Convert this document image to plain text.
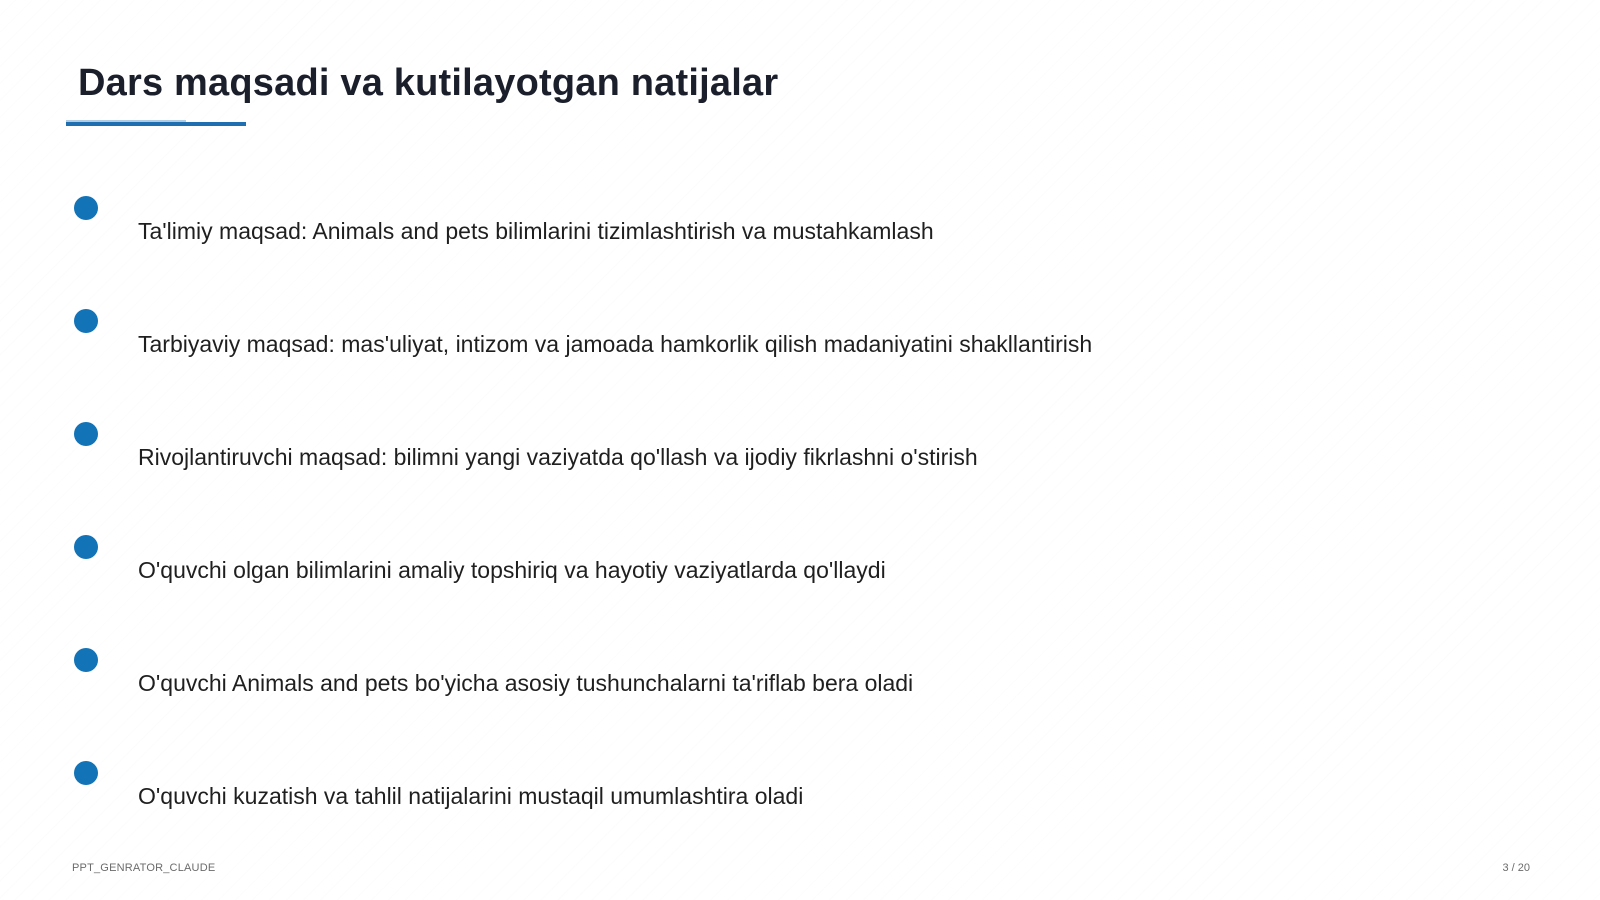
Dars maqsadi va kutilayotgan natijalar
Ta'limiy maqsad: Animals and pets bilimlarini tizimlashtirish va mustahkamlash
Tarbiyaviy maqsad: mas'uliyat, intizom va jamoada hamkorlik qilish madaniyatini shakllantirish
Rivojlantiruvchi maqsad: bilimni yangi vaziyatda qo'llash va ijodiy fikrlashni o'stirish
O'quvchi olgan bilimlarini amaliy topshiriq va hayotiy vaziyatlarda qo'llaydi
O'quvchi Animals and pets bo'yicha asosiy tushunchalarni ta'riflab bera oladi
O'quvchi kuzatish va tahlil natijalarini mustaqil umumlashtira oladi
PPT_GENRATOR_CLAUDE	3 / 20
